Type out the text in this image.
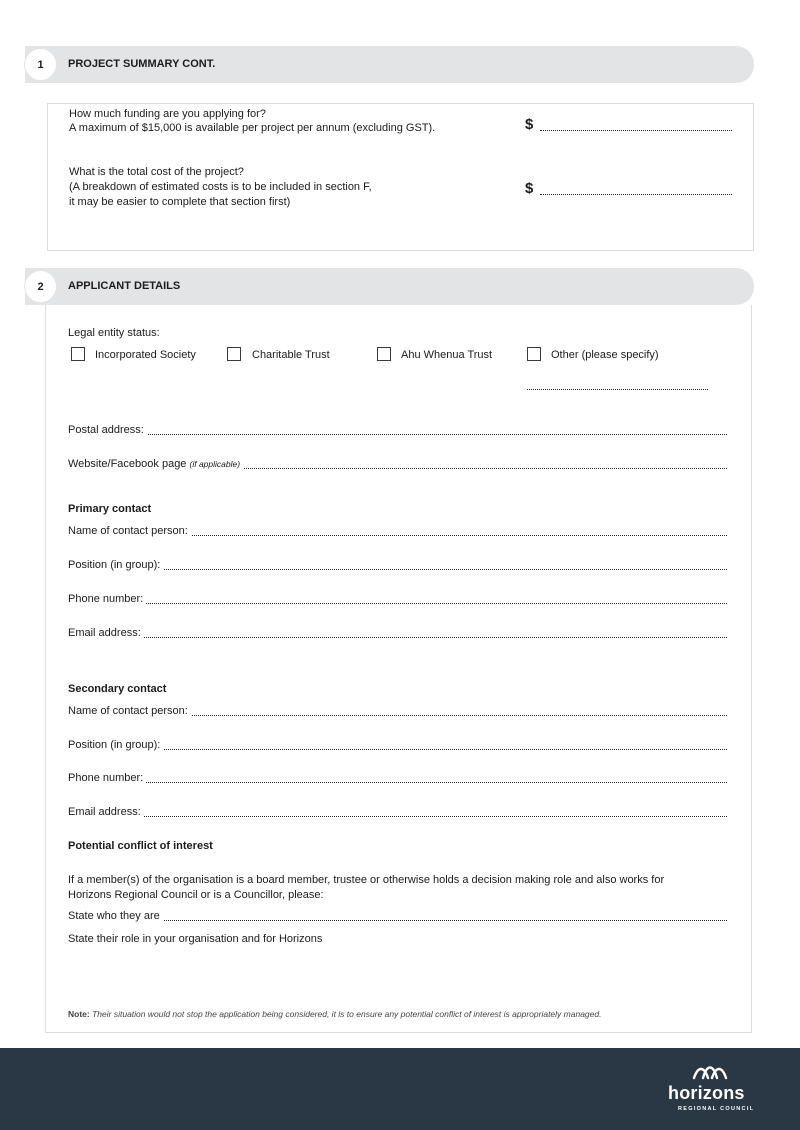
1	PROJECT SUMMARY CONT.
How much funding are you applying for?
A maximum of $15,000 is available per project per annum (excluding GST).	$
What is the total cost of the project?
(A breakdown of estimated costs is to be included in section F,
it may be easier to complete that section first)
$
2	APPLICANT DETAILS
Legal entity status:
Incorporated Society	Charitable Trust	Ahu Whenua Trust	Other (please specify)
Postal address:
Website/Facebook page (if applicable)
Primary contact
Name of contact person:
Position (in group):
Phone number:
Email address:
Secondary contact
Name of contact person:
Position (in group):
Phone number:
Email address:
Potential conflict of interest
If a member(s) of the organisation is a board member, trustee or otherwise holds a decision making role and also works for
Horizons Regional Council or is a Councillor, please:
State who they are
State their role in your organisation and for Horizons
Note: Their situation would not stop the application being considered, it is to ensure any potential conflict of interest is appropriately managed.
horizons
REGIONAL COUNCIL
